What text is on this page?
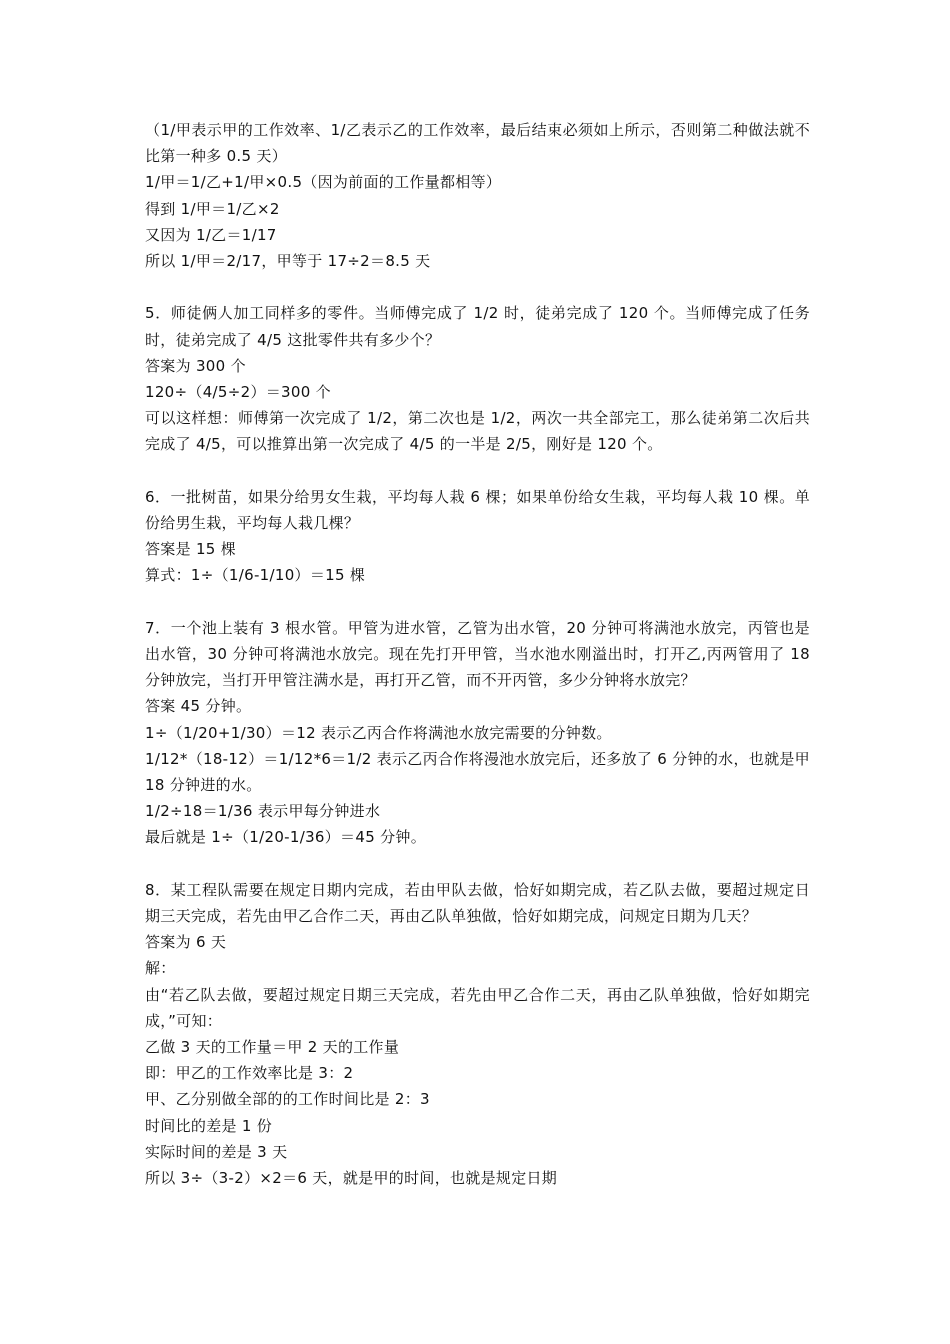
（1/甲表示甲的工作效率、1/乙表示乙的工作效率，最后结束必须如上所示，否则第二种做法就不比第一种多 0.5 天）
1/甲＝1/乙+1/甲×0.5（因为前面的工作量都相等）
得到 1/甲＝1/乙×2
又因为 1/乙＝1/17
所以 1/甲＝2/17，甲等于 17÷2＝8.5 天
5．师徒俩人加工同样多的零件。当师傅完成了 1/2 时，徒弟完成了 120 个。当师傅完成了任务时，徒弟完成了 4/5 这批零件共有多少个？
答案为 300 个
120÷（4/5÷2）＝300 个
可以这样想：师傅第一次完成了 1/2，第二次也是 1/2，两次一共全部完工，那么徒弟第二次后共完成了 4/5，可以推算出第一次完成了 4/5 的一半是 2/5，刚好是 120 个。
6．一批树苗，如果分给男女生栽，平均每人栽 6 棵；如果单份给女生栽，平均每人栽 10 棵。单份给男生栽，平均每人栽几棵？
答案是 15 棵
算式：1÷（1/6-1/10）＝15 棵
7．一个池上装有 3 根水管。甲管为进水管，乙管为出水管，20 分钟可将满池水放完，丙管也是出水管，30 分钟可将满池水放完。现在先打开甲管，当水池水刚溢出时，打开乙,丙两管用了 18 分钟放完，当打开甲管注满水是，再打开乙管，而不开丙管，多少分钟将水放完？
答案 45 分钟。
1÷（1/20+1/30）＝12 表示乙丙合作将满池水放完需要的分钟数。
1/12*（18-12）＝1/12*6＝1/2 表示乙丙合作将漫池水放完后，还多放了 6 分钟的水，也就是甲 18 分钟进的水。
1/2÷18＝1/36 表示甲每分钟进水
最后就是 1÷（1/20-1/36）＝45 分钟。
8．某工程队需要在规定日期内完成，若由甲队去做，恰好如期完成，若乙队去做，要超过规定日期三天完成，若先由甲乙合作二天，再由乙队单独做，恰好如期完成，问规定日期为几天？
答案为 6 天
解：
由“若乙队去做，要超过规定日期三天完成，若先由甲乙合作二天，再由乙队单独做，恰好如期完成，”可知：
乙做 3 天的工作量＝甲 2 天的工作量
即：甲乙的工作效率比是 3：2
甲、乙分别做全部的的工作时间比是 2：3
时间比的差是 1 份
实际时间的差是 3 天
所以 3÷（3-2）×2＝6 天，就是甲的时间，也就是规定日期
